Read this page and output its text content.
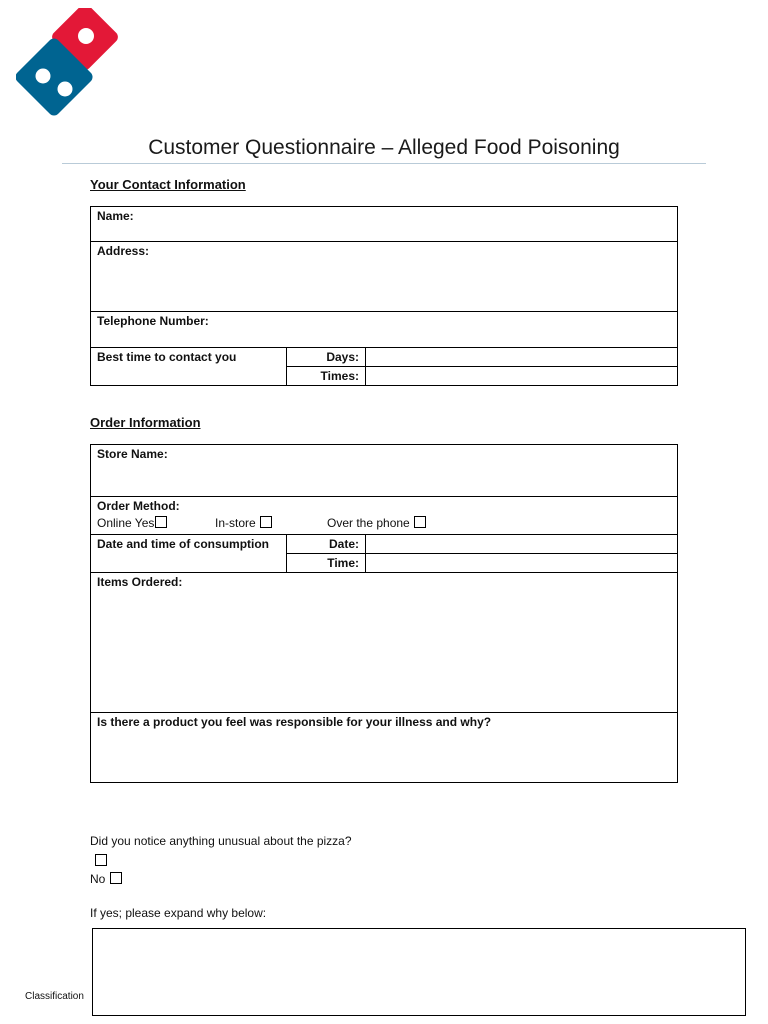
Customer Questionnaire – Alleged Food Poisoning
Your Contact Information
Name:		
Address:		
Telephone Number:		
Best time to contact you	Days:	
	Times:	
Order Information
Store Name:		

Order Method:
Online Yes In-store Over the phone		

Date and time of consumption	Date:	
	Time:	
Items Ordered:		
Is there a product you feel was responsible for your illness and why?		
Did you notice anything unusual about the pizza?
No
If yes; please expand why below:
Classification
